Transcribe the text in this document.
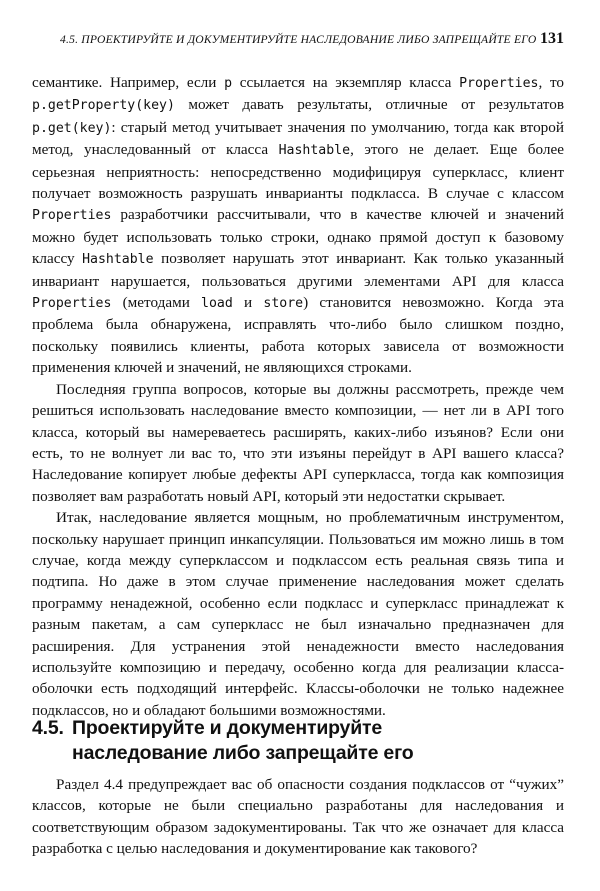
4.5. ПРОЕКТИРУЙТЕ И ДОКУМЕНТИРУЙТЕ НАСЛЕДОВАНИЕ ЛИБО ЗАПРЕЩАЙТЕ ЕГО 131

семантике. Например, если p ссылается на экземпляр класса Properties, то p.getProperty(key) может давать результаты, отличные от результатов p.get(key): старый метод учитывает значения по умолчанию, тогда как второй метод, унаследованный от класса Hashtable, этого не делает. Еще более серьезная неприятность: непосредственно модифицируя суперкласс, клиент получает возможность разрушать инварианты подкласса. В случае с классом Properties разработчики рассчитывали, что в качестве ключей и значений можно будет использовать только строки, однако прямой доступ к базовому классу Hashtable позволяет нарушать этот инвариант. Как только указанный инвариант нарушается, пользоваться другими элементами API для класса Properties (методами load и store) становится невозможно. Когда эта проблема была обнаружена, исправлять что-либо было слишком поздно, поскольку появились клиенты, работа которых зависела от возможности применения ключей и значений, не являющихся строками.

Последняя группа вопросов, которые вы должны рассмотреть, прежде чем решиться использовать наследование вместо композиции, — нет ли в API того класса, который вы намереваетесь расширять, каких-либо изъянов? Если они есть, то не волнует ли вас то, что эти изъяны перейдут в API вашего класса? Наследование копирует любые дефекты API суперкласса, тогда как композиция позволяет вам разработать новый API, который эти недостатки скрывает.

Итак, наследование является мощным, но проблематичным инструментом, поскольку нарушает принцип инкапсуляции. Пользоваться им можно лишь в том случае, когда между суперклассом и подклассом есть реальная связь типа и подтипа. Но даже в этом случае применение наследования может сделать программу ненадежной, особенно если подкласс и суперкласс принадлежат к разным пакетам, а сам суперкласс не был изначально предназначен для расширения. Для устранения этой ненадежности вместо наследования используйте композицию и передачу, особенно когда для реализации класса-оболочки есть подходящий интерфейс. Классы-оболочки не только надежнее подклассов, но и обладают большими возможностями.

4.5. Проектируйте и документируйте
наследование либо запрещайте его

Раздел 4.4 предупреждает вас об опасности создания подклассов от “чужих” классов, которые не были специально разработаны для наследования и соответствующим образом задокументированы. Так что же означает для класса разработка с целью наследования и документирование как такового?
